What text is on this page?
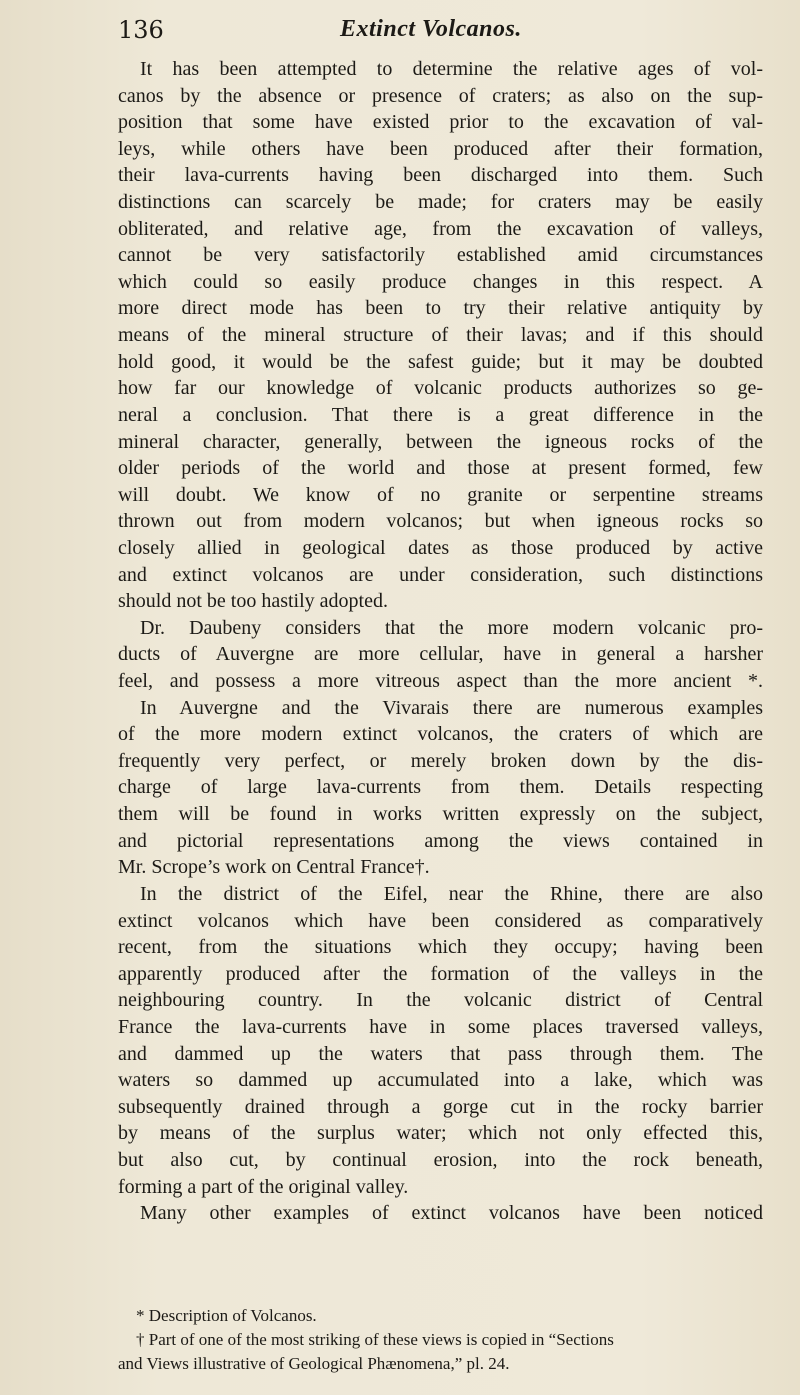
136	Extinct Volcanos.
It has been attempted to determine the relative ages of vol-
canos by the absence or presence of craters; as also on the sup-
position that some have existed prior to the excavation of val-
leys, while others have been produced after their formation,
their lava-currents having been discharged into them. Such
distinctions can scarcely be made; for craters may be easily
obliterated, and relative age, from the excavation of valleys,
cannot be very satisfactorily established amid circumstances
which could so easily produce changes in this respect. A
more direct mode has been to try their relative antiquity by
means of the mineral structure of their lavas; and if this should
hold good, it would be the safest guide; but it may be doubted
how far our knowledge of volcanic products authorizes so ge-
neral a conclusion. That there is a great difference in the
mineral character, generally, between the igneous rocks of the
older periods of the world and those at present formed, few
will doubt. We know of no granite or serpentine streams
thrown out from modern volcanos; but when igneous rocks so
closely allied in geological dates as those produced by active
and extinct volcanos are under consideration, such distinctions
should not be too hastily adopted.
Dr. Daubeny considers that the more modern volcanic pro-
ducts of Auvergne are more cellular, have in general a harsher
feel, and possess a more vitreous aspect than the more ancient *.
In Auvergne and the Vivarais there are numerous examples
of the more modern extinct volcanos, the craters of which are
frequently very perfect, or merely broken down by the dis-
charge of large lava-currents from them. Details respecting
them will be found in works written expressly on the subject,
and pictorial representations among the views contained in
Mr. Scrope’s work on Central France†.
In the district of the Eifel, near the Rhine, there are also
extinct volcanos which have been considered as comparatively
recent, from the situations which they occupy; having been
apparently produced after the formation of the valleys in the
neighbouring country. In the volcanic district of Central
France the lava-currents have in some places traversed valleys,
and dammed up the waters that pass through them. The
waters so dammed up accumulated into a lake, which was
subsequently drained through a gorge cut in the rocky barrier
by means of the surplus water; which not only effected this,
but also cut, by continual erosion, into the rock beneath,
forming a part of the original valley.
Many other examples of extinct volcanos have been noticed
* Description of Volcanos.
† Part of one of the most striking of these views is copied in “Sections
and Views illustrative of Geological Phænomena,” pl. 24.
